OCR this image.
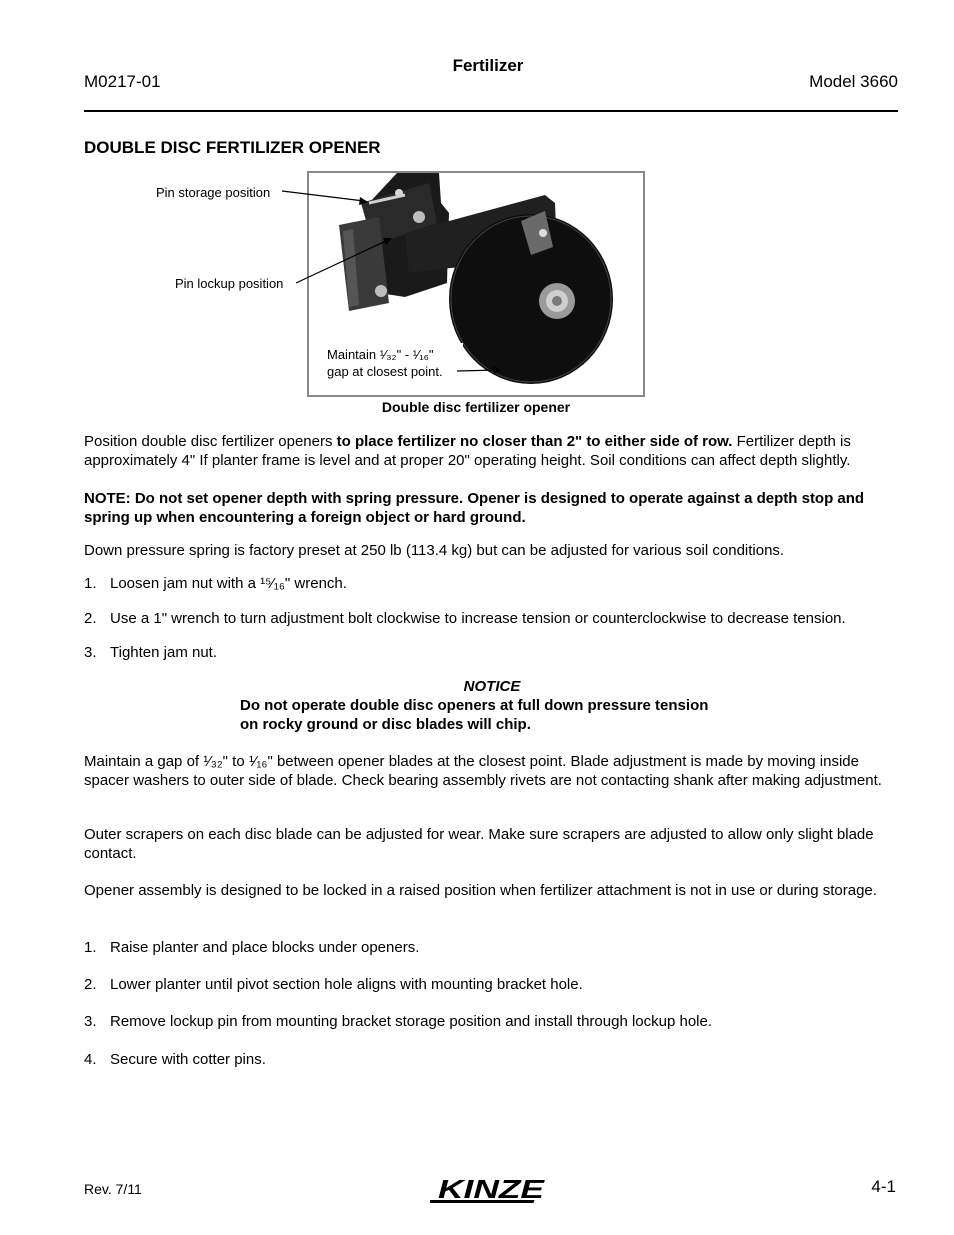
M0217-01
Fertilizer
Model 3660
DOUBLE DISC FERTILIZER OPENER
Pin storage position
Pin lockup position
Maintain ¹⁄₃₂" - ¹⁄₁₆"
gap at closest point.
Double disc fertilizer opener
Position double disc fertilizer openers to place fertilizer no closer than 2" to either side of row. Fertilizer depth is approximately 4" If planter frame is level and at proper 20" operating height. Soil conditions can affect depth slightly.
NOTE: Do not set opener depth with spring pressure. Opener is designed to operate against a depth stop and spring up when encountering a foreign object or hard ground.
Down pressure spring is factory preset at 250 lb (113.4 kg) but can be adjusted for various soil conditions.
1. Loosen jam nut with a ¹⁵⁄₁₆" wrench.
2. Use a 1" wrench to turn adjustment bolt clockwise to increase tension or counterclockwise to decrease tension.
3. Tighten jam nut.
NOTICE
Do not operate double disc openers at full down pressure tension
on rocky ground or disc blades will chip.
Maintain a gap of ¹⁄₃₂" to ¹⁄₁₆" between opener blades at the closest point. Blade adjustment is made by moving inside spacer washers to outer side of blade. Check bearing assembly rivets are not contacting shank after making adjustment.
Outer scrapers on each disc blade can be adjusted for wear. Make sure scrapers are adjusted to allow only slight blade contact.
Opener assembly is designed to be locked in a raised position when fertilizer attachment is not in use or during storage.
1. Raise planter and place blocks under openers.
2. Lower planter until pivot section hole aligns with mounting bracket hole.
3. Remove lockup pin from mounting bracket storage position and install through lockup hole.
4. Secure with cotter pins.
Rev. 7/11	KINZE	4-1
